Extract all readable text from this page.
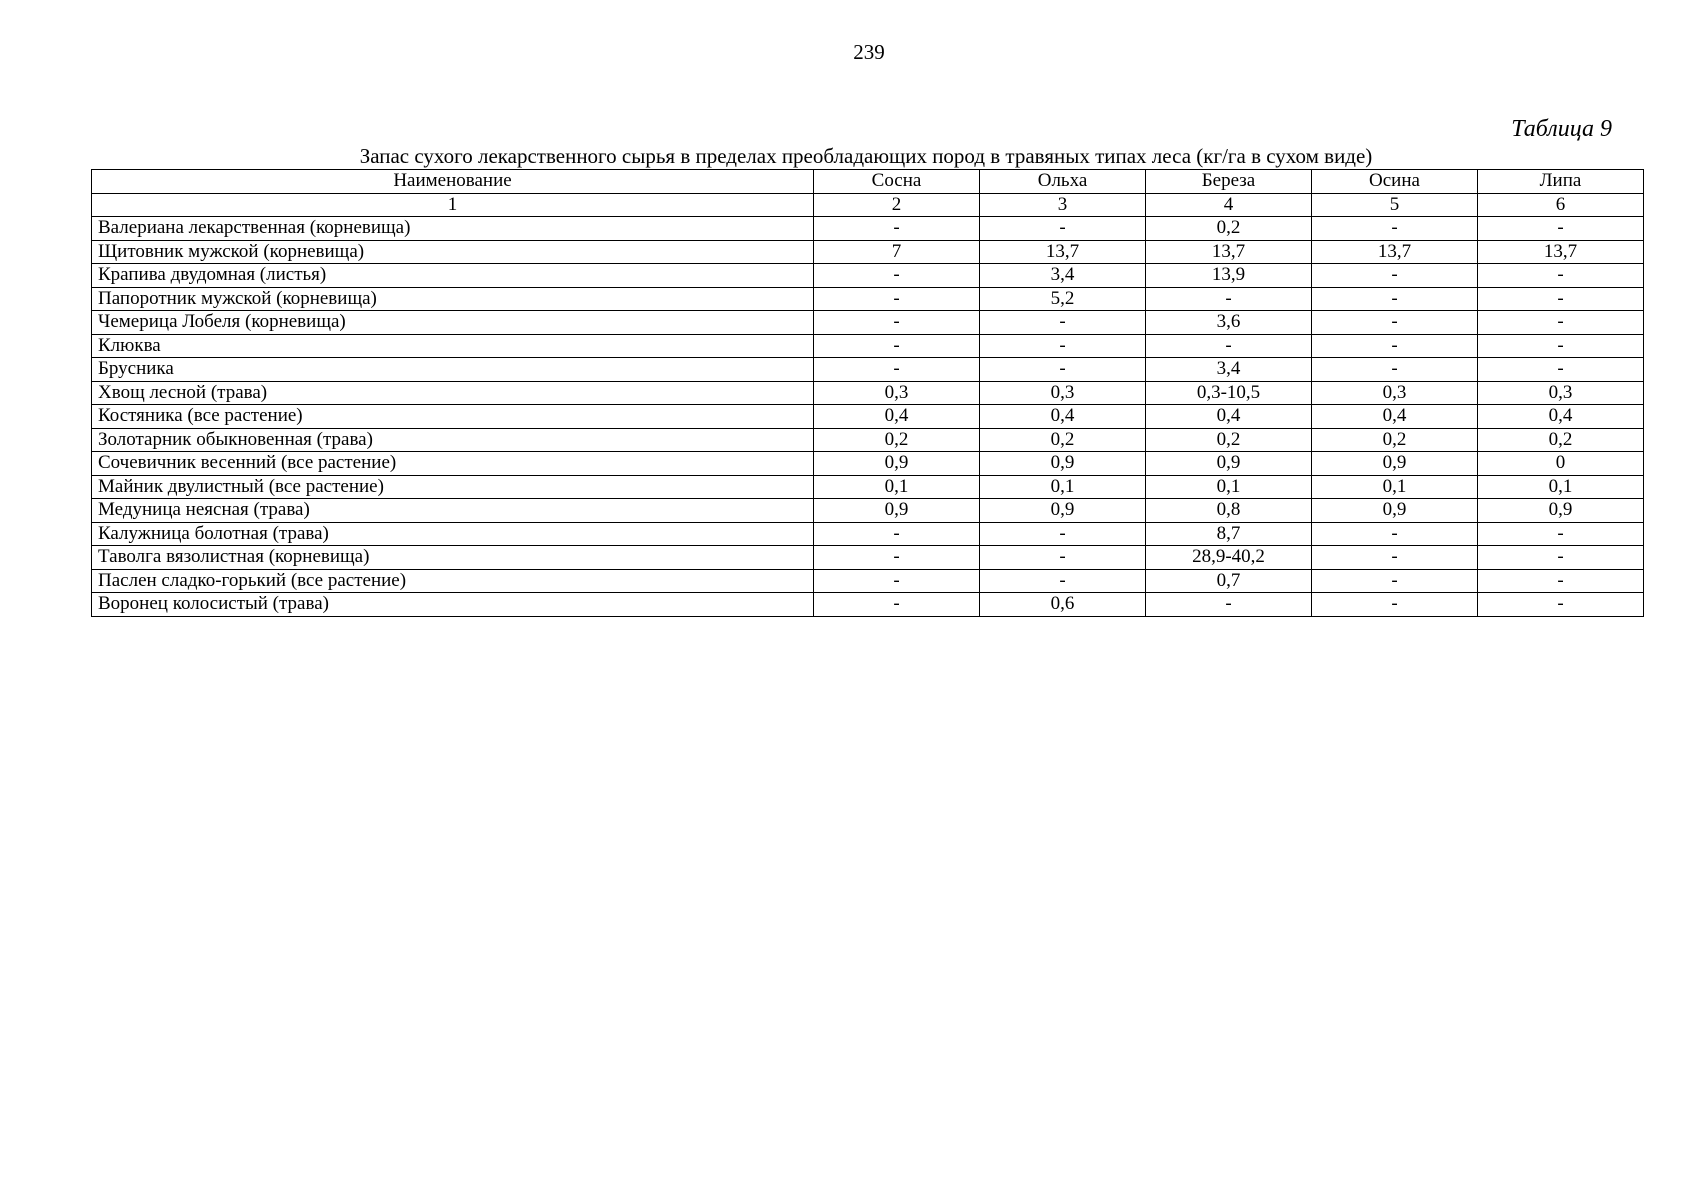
239
Таблица 9
Запас сухого лекарственного сырья в пределах преобладающих пород в травяных типах леса (кг/га в сухом виде)
Наименование	Сосна	Ольха	Береза	Осина	Липа
1	2	3	4	5	6
Валериана лекарственная (корневища)	-	-	0,2	-	-
Щитовник мужской (корневища)	7	13,7	13,7	13,7	13,7
Крапива двудомная (листья)	-	3,4	13,9	-	-
Папоротник мужской (корневища)	-	5,2	-	-	-
Чемерица Лобеля (корневища)	-	-	3,6	-	-
Клюква	-	-	-	-	-
Брусника	-	-	3,4	-	-
Хвощ лесной (трава)	0,3	0,3	0,3-10,5	0,3	0,3
Костяника (все растение)	0,4	0,4	0,4	0,4	0,4
Золотарник обыкновенная (трава)	0,2	0,2	0,2	0,2	0,2
Сочевичник весенний (все растение)	0,9	0,9	0,9	0,9	0
Майник двулистный (все растение)	0,1	0,1	0,1	0,1	0,1
Медуница неясная (трава)	0,9	0,9	0,8	0,9	0,9
Калужница болотная (трава)	-	-	8,7	-	-
Таволга вязолистная (корневища)	-	-	28,9-40,2	-	-
Паслен сладко-горький (все растение)	-	-	0,7	-	-
Воронец колосистый (трава)	-	0,6	-	-	-
